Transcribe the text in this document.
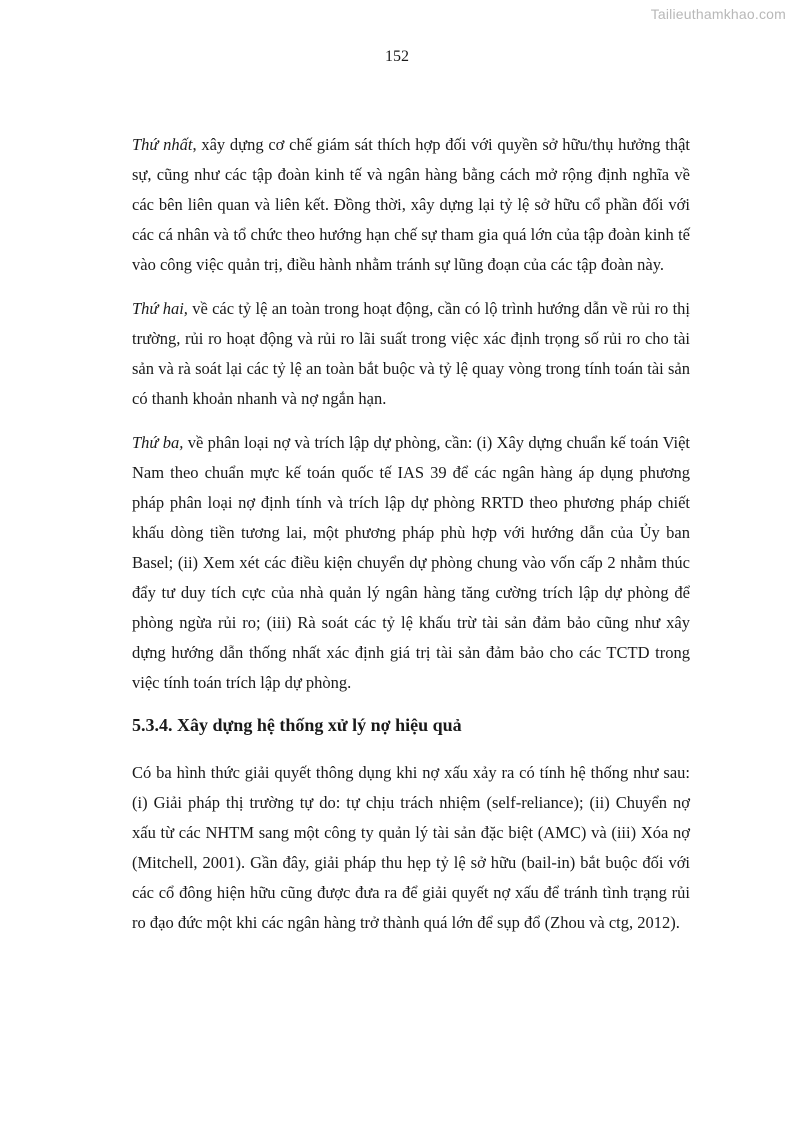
Tailieuthamkhao.com
152

Thứ nhất, xây dựng cơ chế giám sát thích hợp đối với quyền sở hữu/thụ hưởng thật sự, cũng như các tập đoàn kinh tế và ngân hàng bằng cách mở rộng định nghĩa về các bên liên quan và liên kết. Đồng thời, xây dựng lại tỷ lệ sở hữu cổ phần đối với các cá nhân và tổ chức theo hướng hạn chế sự tham gia quá lớn của tập đoàn kinh tế vào công việc quản trị, điều hành nhằm tránh sự lũng đoạn của các tập đoàn này.

Thứ hai, về các tỷ lệ an toàn trong hoạt động, cần có lộ trình hướng dẫn về rủi ro thị trường, rủi ro hoạt động và rủi ro lãi suất trong việc xác định trọng số rủi ro cho tài sản và rà soát lại các tỷ lệ an toàn bắt buộc và tỷ lệ quay vòng trong tính toán tài sản có thanh khoản nhanh và nợ ngắn hạn.

Thứ ba, về phân loại nợ và trích lập dự phòng, cần: (i) Xây dựng chuẩn kế toán Việt Nam theo chuẩn mực kế toán quốc tế IAS 39 để các ngân hàng áp dụng phương pháp phân loại nợ định tính và trích lập dự phòng RRTD theo phương pháp chiết khấu dòng tiền tương lai, một phương pháp phù hợp với hướng dẫn của Ủy ban Basel; (ii) Xem xét các điều kiện chuyển dự phòng chung vào vốn cấp 2 nhằm thúc đẩy tư duy tích cực của nhà quản lý ngân hàng tăng cường trích lập dự phòng để phòng ngừa rủi ro; (iii) Rà soát các tỷ lệ khấu trừ tài sản đảm bảo cũng như xây dựng hướng dẫn thống nhất xác định giá trị tài sản đảm bảo cho các TCTD trong việc tính toán trích lập dự phòng.

5.3.4. Xây dựng hệ thống xử lý nợ hiệu quả

Có ba hình thức giải quyết thông dụng khi nợ xấu xảy ra có tính hệ thống như sau: (i) Giải pháp thị trường tự do: tự chịu trách nhiệm (self-reliance); (ii) Chuyển nợ xấu từ các NHTM sang một công ty quản lý tài sản đặc biệt (AMC) và (iii) Xóa nợ (Mitchell, 2001). Gần đây, giải pháp thu hẹp tỷ lệ sở hữu (bail-in) bắt buộc đối với các cổ đông hiện hữu cũng được đưa ra để giải quyết nợ xấu để tránh tình trạng rủi ro đạo đức một khi các ngân hàng trở thành quá lớn để sụp đổ (Zhou và ctg, 2012).
